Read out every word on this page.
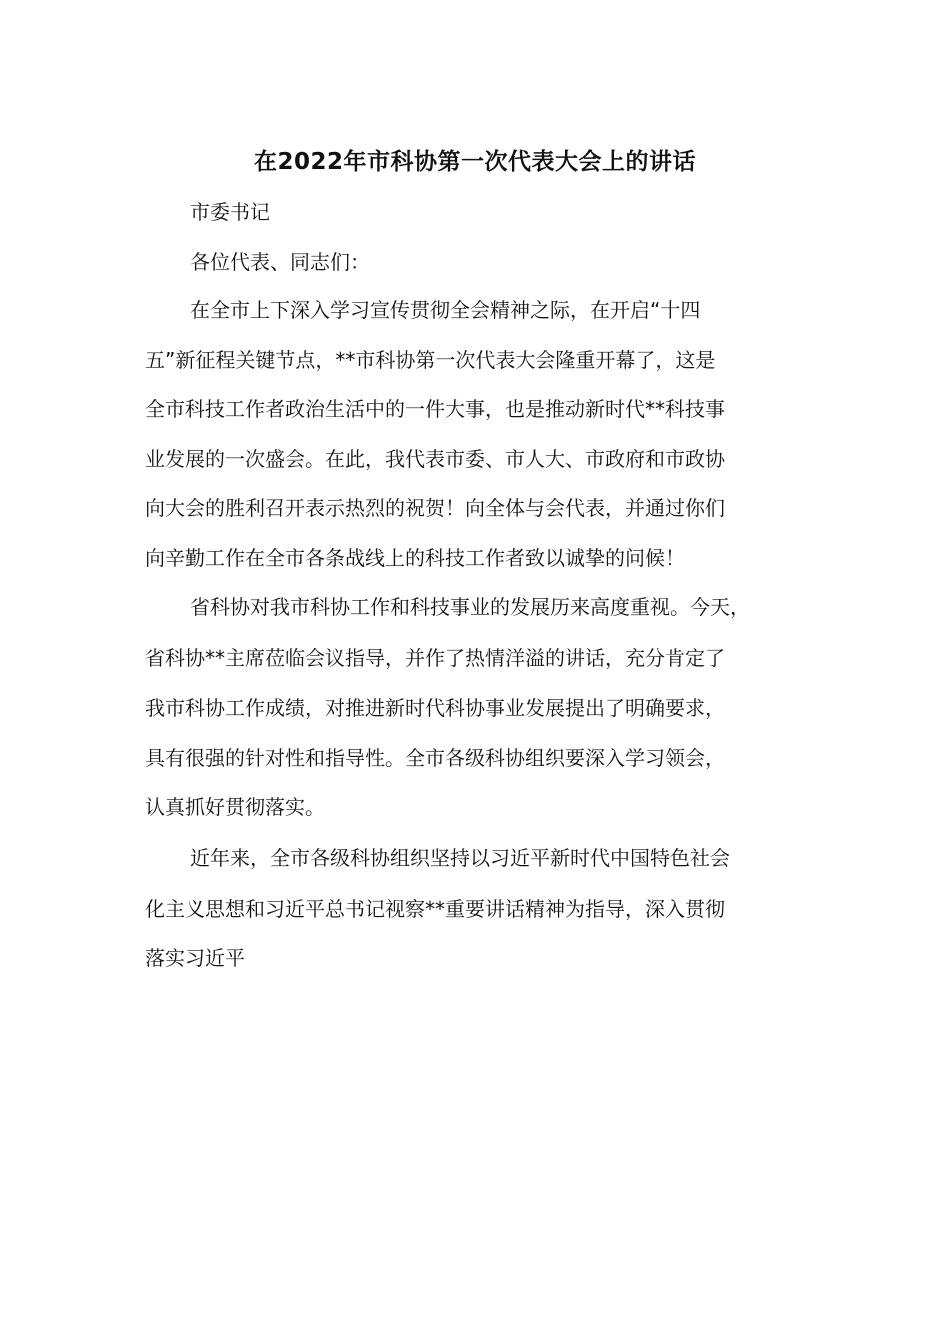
在2022年市科协第一次代表大会上的讲话

市委书记

各位代表、同志们：

在全市上下深入学习宣传贯彻全会精神之际，在开启“十四

五”新征程关键节点，**市科协第一次代表大会隆重开幕了，这是

全市科技工作者政治生活中的一件大事，也是推动新时代**科技事

业发展的一次盛会。在此，我代表市委、市人大、市政府和市政协

向大会的胜利召开表示热烈的祝贺！向全体与会代表，并通过你们

向辛勤工作在全市各条战线上的科技工作者致以诚挚的问候！

省科协对我市科协工作和科技事业的发展历来高度重视。今天，

省科协**主席莅临会议指导，并作了热情洋溢的讲话，充分肯定了

我市科协工作成绩，对推进新时代科协事业发展提出了明确要求，

具有很强的针对性和指导性。全市各级科协组织要深入学习领会，

认真抓好贯彻落实。

近年来，全市各级科协组织坚持以习近平新时代中国特色社会

化主义思想和习近平总书记视察**重要讲话精神为指导，深入贯彻

落实习近平
